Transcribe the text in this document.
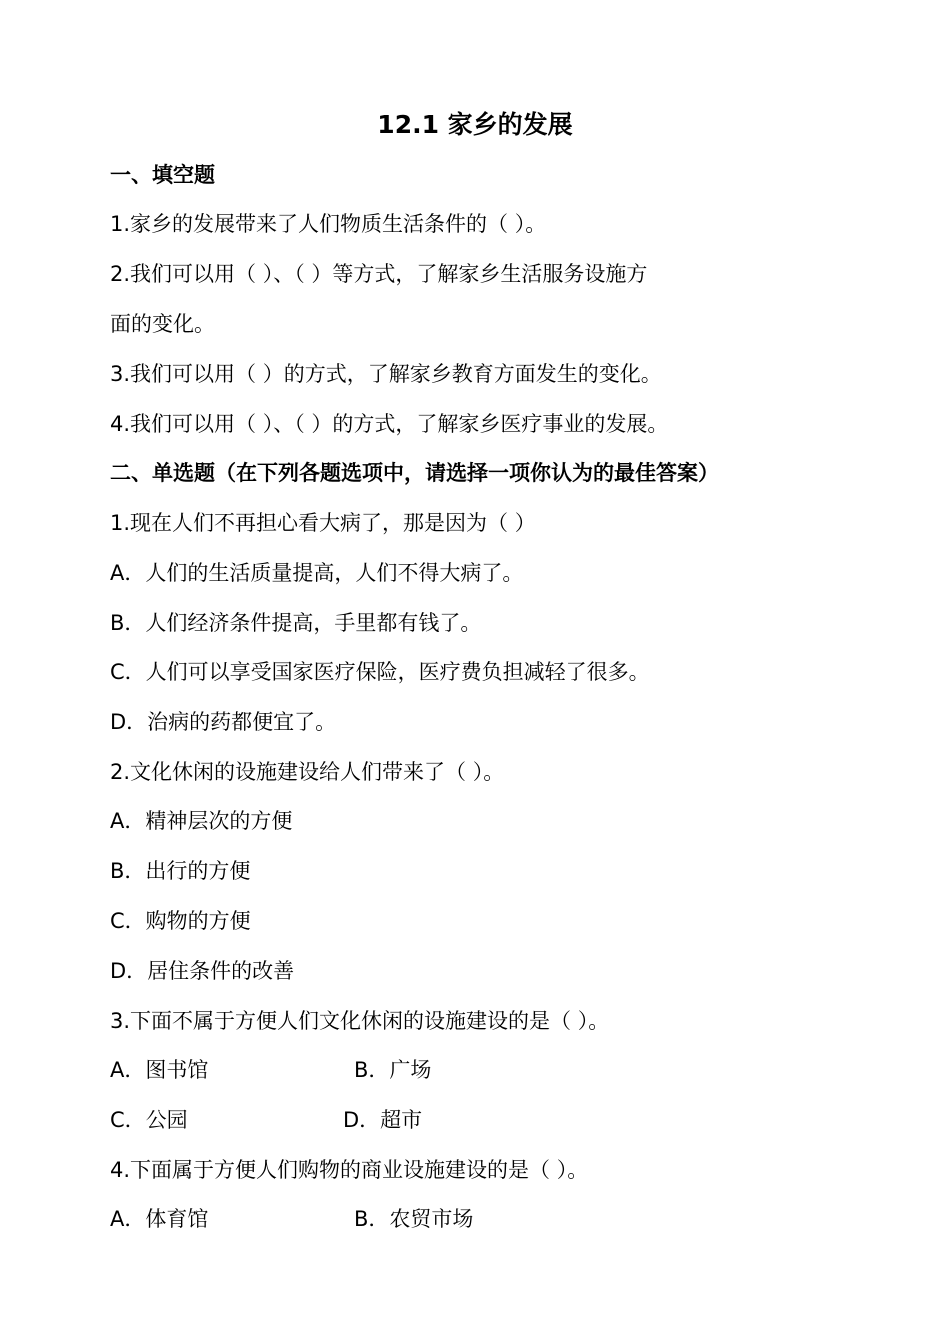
12.1 家乡的发展

一、填空题

1.家乡的发展带来了人们物质生活条件的（ ）。

2.我们可以用（ ）、（ ）等方式，了解家乡生活服务设施方

面的变化。

3.我们可以用（ ）的方式，了解家乡教育方面发生的变化。

4.我们可以用（ ）、（ ）的方式，了解家乡医疗事业的发展。

二、单选题（在下列各题选项中，请选择一项你认为的最佳答案）

1.现在人们不再担心看大病了，那是因为（ ）

A．人们的生活质量提高，人们不得大病了。

B．人们经济条件提高，手里都有钱了。

C．人们可以享受国家医疗保险，医疗费负担减轻了很多。

D．治病的药都便宜了。

2.文化休闲的设施建设给人们带来了（ ）。

A．精神层次的方便

B．出行的方便

C．购物的方便

D．居住条件的改善

3.下面不属于方便人们文化休闲的设施建设的是（ ）。

A．图书馆	B．广场

C．公园	D．超市

4.下面属于方便人们购物的商业设施建设的是（ ）。

A．体育馆	B．农贸市场
